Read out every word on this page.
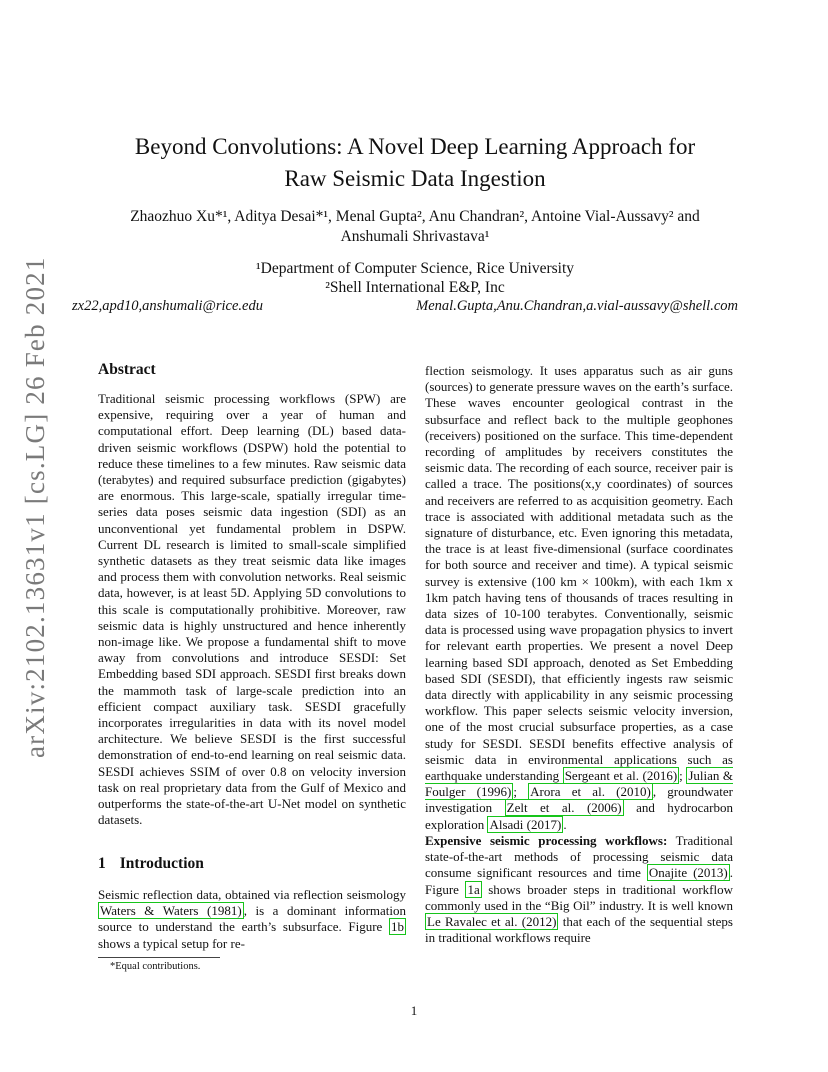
arXiv:2102.13631v1 [cs.LG] 26 Feb 2021
Beyond Convolutions: A Novel Deep Learning Approach for
Raw Seismic Data Ingestion
Zhaozhuo Xu*¹, Aditya Desai*¹, Menal Gupta², Anu Chandran², Antoine Vial-Aussavy² and
Anshumali Shrivastava¹
¹Department of Computer Science, Rice University
²Shell International E&P, Inc
zx22,apd10,anshumali@rice.edu	Menal.Gupta,Anu.Chandran,a.vial-aussavy@shell.com
Abstract
Traditional seismic processing workflows (SPW) are expensive, requiring over a year of human and computational effort. Deep learning (DL) based data-driven seismic workflows (DSPW) hold the potential to reduce these timelines to a few minutes. Raw seismic data (terabytes) and required subsurface prediction (gigabytes) are enormous. This large-scale, spatially irregular time-series data poses seismic data ingestion (SDI) as an unconventional yet fundamental problem in DSPW. Current DL research is limited to small-scale simplified synthetic datasets as they treat seismic data like images and process them with convolution networks. Real seismic data, however, is at least 5D. Applying 5D convolutions to this scale is computationally prohibitive. Moreover, raw seismic data is highly unstructured and hence inherently non-image like. We propose a fundamental shift to move away from convolutions and introduce SESDI: Set Embedding based SDI approach. SESDI first breaks down the mammoth task of large-scale prediction into an efficient compact auxiliary task. SESDI gracefully incorporates irregularities in data with its novel model architecture. We believe SESDI is the first successful demonstration of end-to-end learning on real seismic data. SESDI achieves SSIM of over 0.8 on velocity inversion task on real proprietary data from the Gulf of Mexico and outperforms the state-of-the-art U-Net model on synthetic datasets.
1 Introduction
Seismic reflection data, obtained via reflection seismology Waters & Waters (1981) , is a dominant information source to understand the earth’s subsurface. Figure 1b shows a typical setup for re-
flection seismology. It uses apparatus such as air guns (sources) to generate pressure waves on the earth’s surface. These waves encounter geological contrast in the subsurface and reflect back to the multiple geophones (receivers) positioned on the surface. This time-dependent recording of amplitudes by receivers constitutes the seismic data. The recording of each source, receiver pair is called a trace. The positions(x,y coordinates) of sources and receivers are referred to as acquisition geometry. Each trace is associated with additional metadata such as the signature of disturbance, etc. Even ignoring this metadata, the trace is at least five-dimensional (surface coordinates for both source and receiver and time). A typical seismic survey is extensive (100 km × 100km), with each 1km x 1km patch having tens of thousands of traces resulting in data sizes of 10-100 terabytes. Conventionally, seismic data is processed using wave propagation physics to invert for relevant earth properties. We present a novel Deep learning based SDI approach, denoted as Set Embedding based SDI (SESDI), that efficiently ingests raw seismic data directly with applicability in any seismic processing workflow. This paper selects seismic velocity inversion, one of the most crucial subsurface properties, as a case study for SESDI. SESDI benefits effective analysis of seismic data in environmental applications such as earthquake understanding Sergeant et al. (2016) ; Julian & Foulger (1996) ; Arora et al. (2010) , groundwater investigation Zelt et al. (2006) and hydrocarbon exploration Alsadi (2017) .
Expensive seismic processing workflows: Traditional state-of-the-art methods of processing seismic data consume significant resources and time Onajite (2013) . Figure 1a shows broader steps in traditional workflow commonly used in the “Big Oil” industry. It is well known Le Ravalec et al. (2012) that each of the sequential steps in traditional workflows require
*Equal contributions.
1
